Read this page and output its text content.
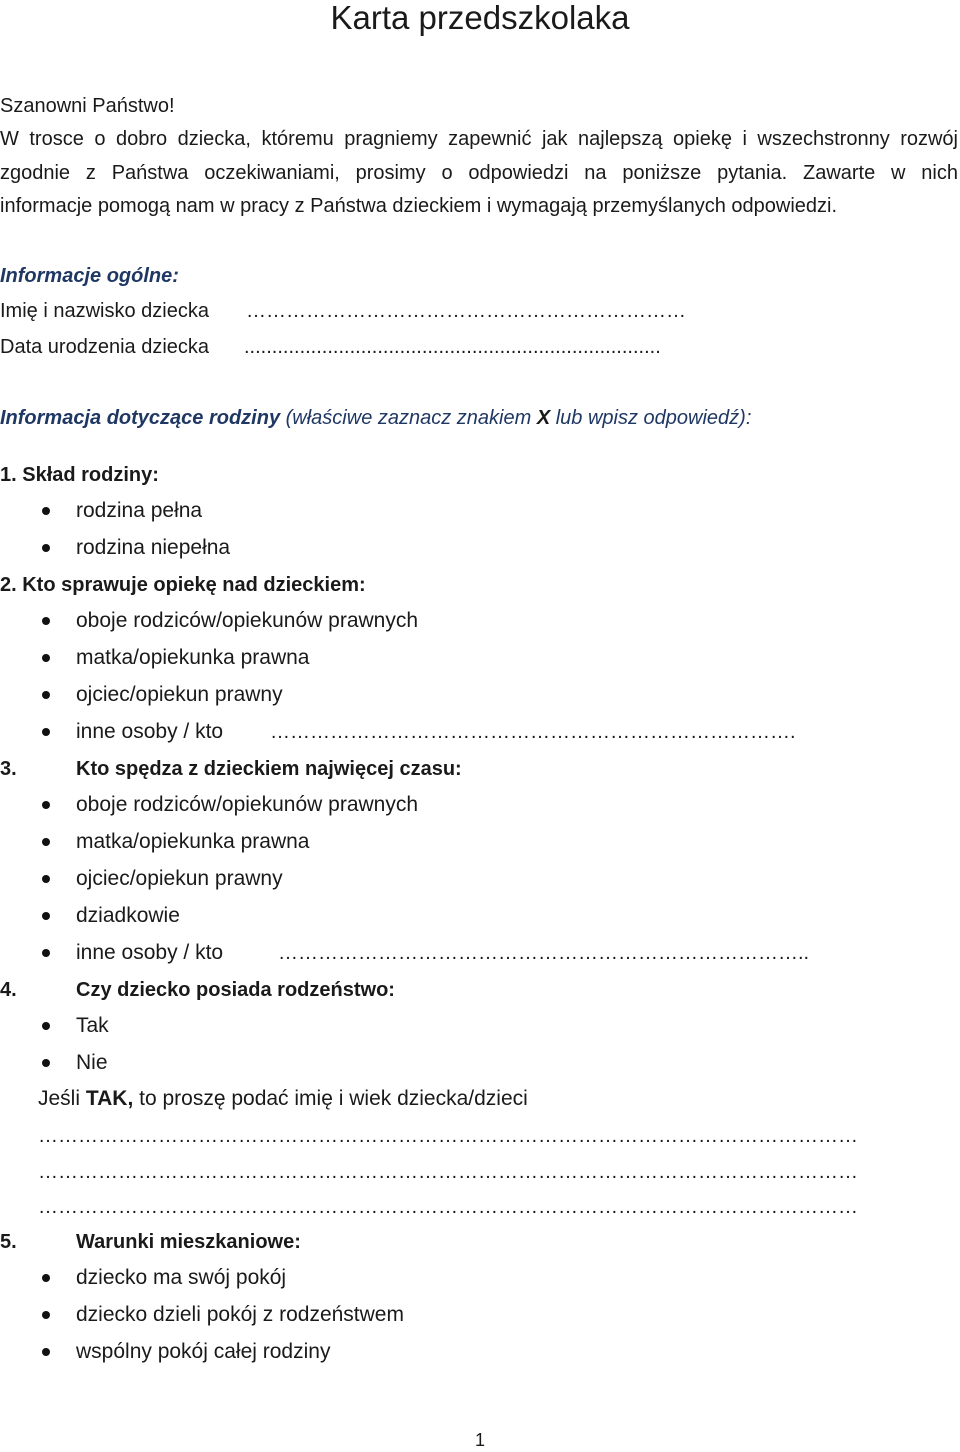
Karta przedszkolaka
Szanowni Państwo!
W trosce o dobro dziecka, któremu pragniemy zapewnić jak najlepszą opiekę i wszechstronny rozwój
zgodnie z Państwa oczekiwaniami, prosimy o odpowiedzi na poniższe pytania. Zawarte w nich
informacje pomogą nam w pracy z Państwa dzieckiem i wymagają przemyślanych odpowiedzi.
Informacje ogólne:
Imię i nazwisko dziecka …………………………………………………………
Data urodzenia dziecka ...........................................................................
Informacja dotyczące rodziny (właściwe zaznacz znakiem X lub wpisz odpowiedź):
1. Skład rodziny:
rodzina pełna
rodzina niepełna
2. Kto sprawuje opiekę nad dzieckiem:
oboje rodziców/opiekunów prawnych
matka/opiekunka prawna
ojciec/opiekun prawny
inne osoby / kto …………………………………………………………………….
3.	Kto spędza z dzieckiem najwięcej czasu:
oboje rodziców/opiekunów prawnych
matka/opiekunka prawna
ojciec/opiekun prawny
dziadkowie
inne osoby / kto	……………………………………………………………………..
4.	Czy dziecko posiada rodzeństwo:
Tak
Nie
Jeśli TAK, to proszę podać imię i wiek dziecka/dzieci
……………………………………………………………………………………………………………
……………………………………………………………………………………………………………
……………………………………………………………………………………………………………
5.	Warunki mieszkaniowe:
dziecko ma swój pokój
dziecko dzieli pokój z rodzeństwem
wspólny pokój całej rodziny
1
